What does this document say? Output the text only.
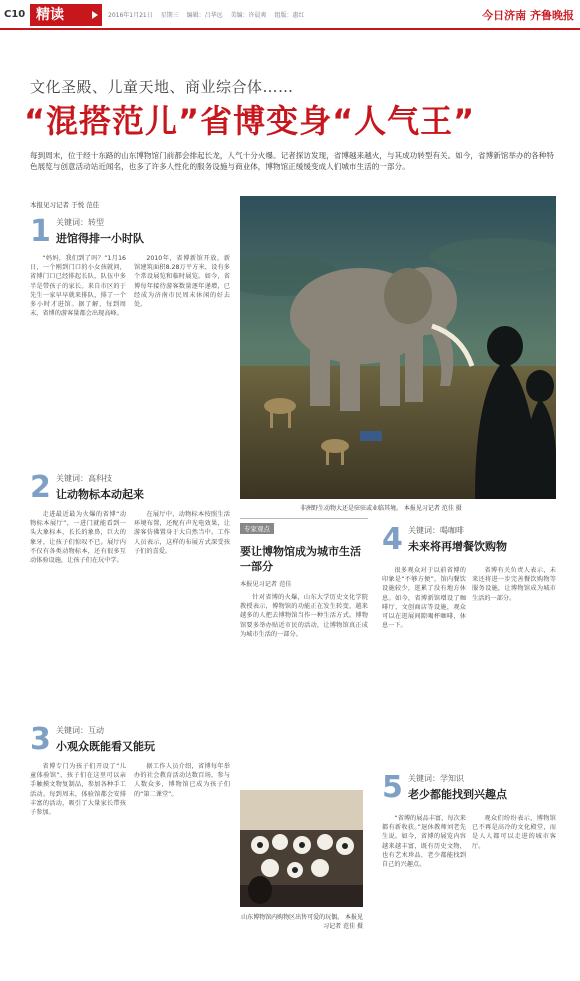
C10 精读	2016年1月21日 星期三 编辑：吕华远 美编：许晨爽 组版：惠红	今日济南 齐鲁晚报
文化圣殿、儿童天地、商业综合体……
“混搭范儿”省博变身“人气王”
每到周末，位于经十东路的山东博物馆门前都会排起长龙，人气十分火爆。记者探访发现，省博越来越火，与其成功转型有关。如今，省博新馆举办的各种特色展览与创意活动站近闻名，也多了许多人性化的服务设施与商业体，博物馆正缓缓变成人们城市生活的一部分。
本报见习记者 于悦 范佳
1 关键词：转型
进馆得排一小时队

“妈妈，我们到了吗？”1月16日，一个刚到门口的小女孩就问，省博门口已经排起长队，队伍中多半是带孩子的家长。来自市区的于先生一家早早就来排队，排了一个多小时才进馆。据了解，每到周末，省博的游客量都会出现高峰。

2010年，省博新馆开放，新馆建筑面积8.28万平方米，设有多个常设展览和临时展览。如今，省博每年接待游客数量逐年递增，已经成为济南市民周末休闲的好去处。

2 关键词：高科技
让动物标本动起来

走进最近最为火爆的省博“动物标本展厅”，一进门就能看到一头大象标本，长长的象鼻，巨大的象牙，让孩子们惊叹不已。展厅内不仅有各类动物标本，还有很多互动体验设施，让孩子们在玩中学。

在展厅中，动物标本按照生活环境布置，还配有声光电效果，让游客仿佛置身于大自然当中。工作人员表示，这样的布展方式深受孩子们的喜爱。

3 关键词：互动
小观众既能看又能玩

省博专门为孩子们开设了“儿童体验馆”，孩子们在这里可以亲手触摸文物复制品，参加各种手工活动。每到周末，体验馆都会安排丰富的活动，吸引了大量家长带孩子参加。

据工作人员介绍，省博每年举办的社会教育活动达数百场，参与人数众多，博物馆已成为孩子们的“第二课堂”。

非洲野生动物大还是驻驻或业临其境。 本报见习记者 范佳 摄
专家观点
要让博物馆成为城市生活一部分
本报见习记者 范佳

针对省博的火爆，山东大学历史文化学院教授表示，博物馆的功能正在发生转变，越来越多的人把去博物馆当作一种生活方式。博物馆要多举办贴近市民的活动，让博物馆真正成为城市生活的一部分。

山东博物馆内购物区出售可爱的玩偶。 本报见习记者 范佳 摄
4 关键词：喝咖啡
未来将再增餐饮购物

很多观众对于以前省博的印象是“不够方便”，馆内餐饮设施较少，逛累了没有地方休息。如今，省博新馆增设了咖啡厅、文创商店等设施，观众可以在逛展间隙喝杯咖啡，休息一下。

省博有关负责人表示，未来还将进一步完善餐饮购物等服务设施，让博物馆成为城市生活的一部分。

5 关键词：学知识
老少都能找到兴趣点

“省博的展品丰富，每次来都有新收获。”退休教师刘老先生说。如今，省博的展览内容越来越丰富，既有历史文物，也有艺术珍品，老少都能找到自己的兴趣点。

观众们纷纷表示，博物馆已不再是高冷的文化殿堂，而是人人都可以走进的城市客厅。
